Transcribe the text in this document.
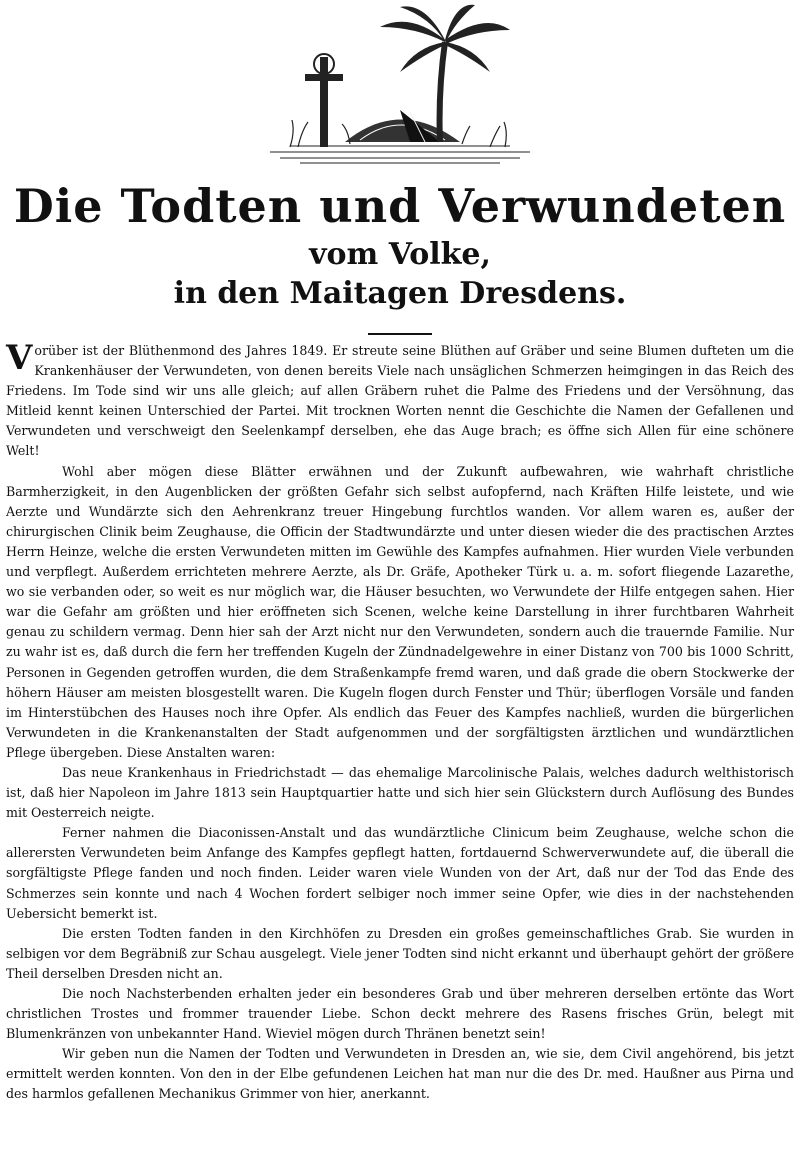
Die Todten und Verwundeten
vom Volke,
in den Maitagen Dresdens.

Vorüber ist der Blüthenmond des Jahres 1849. Er streute seine Blüthen auf Gräber und seine Blumen dufteten um die Krankenhäuser der Verwundeten, von denen bereits Viele nach unsäglichen Schmerzen heimgingen in das Reich des Friedens. Im Tode sind wir uns alle gleich; auf allen Gräbern ruhet die Palme des Friedens und der Versöhnung, das Mitleid kennt keinen Unterschied der Partei. Mit trocknen Worten nennt die Geschichte die Namen der Gefallenen und Verwundeten und verschweigt den Seelenkampf derselben, ehe das Auge brach; es öffne sich Allen für eine schönere Welt!

Wohl aber mögen diese Blätter erwähnen und der Zukunft aufbewahren, wie wahrhaft christliche Barmherzigkeit, in den Augenblicken der größten Gefahr sich selbst aufopfernd, nach Kräften Hilfe leistete, und wie Aerzte und Wundärzte sich den Aehrenkranz treuer Hingebung furchtlos wanden. Vor allem waren es, außer der chirurgischen Clinik beim Zeughause, die Officin der Stadtwundärzte und unter diesen wieder die des practischen Arztes Herrn Heinze, welche die ersten Verwundeten mitten im Gewühle des Kampfes aufnahmen. Hier wurden Viele verbunden und verpflegt. Außerdem errichteten mehrere Aerzte, als Dr. Gräfe, Apotheker Türk u. a. m. sofort fliegende Lazarethe, wo sie verbanden oder, so weit es nur möglich war, die Häuser besuchten, wo Verwundete der Hilfe entgegen sahen. Hier war die Gefahr am größten und hier eröffneten sich Scenen, welche keine Darstellung in ihrer furchtbaren Wahrheit genau zu schildern vermag. Denn hier sah der Arzt nicht nur den Verwundeten, sondern auch die trauernde Familie. Nur zu wahr ist es, daß durch die fern her treffenden Kugeln der Zündnadelgewehre in einer Distanz von 700 bis 1000 Schritt, Personen in Gegenden getroffen wurden, die dem Straßenkampfe fremd waren, und daß grade die obern Stockwerke der höhern Häuser am meisten blosgestellt waren. Die Kugeln flogen durch Fenster und Thür; überflogen Vorsäle und fanden im Hinterstübchen des Hauses noch ihre Opfer. Als endlich das Feuer des Kampfes nachließ, wurden die bürgerlichen Verwundeten in die Krankenanstalten der Stadt aufgenommen und der sorgfältigsten ärztlichen und wundärztlichen Pflege übergeben. Diese Anstalten waren:

Das neue Krankenhaus in Friedrichstadt — das ehemalige Marcolinische Palais, welches dadurch welthistorisch ist, daß hier Napoleon im Jahre 1813 sein Hauptquartier hatte und sich hier sein Glückstern durch Auflösung des Bundes mit Oesterreich neigte.

Ferner nahmen die Diaconissen-Anstalt und das wundärztliche Clinicum beim Zeughause, welche schon die allerersten Verwundeten beim Anfange des Kampfes gepflegt hatten, fortdauernd Schwerverwundete auf, die überall die sorgfältigste Pflege fanden und noch finden. Leider waren viele Wunden von der Art, daß nur der Tod das Ende des Schmerzes sein konnte und nach 4 Wochen fordert selbiger noch immer seine Opfer, wie dies in der nachstehenden Uebersicht bemerkt ist.

Die ersten Todten fanden in den Kirchhöfen zu Dresden ein großes gemeinschaftliches Grab. Sie wurden in selbigen vor dem Begräbniß zur Schau ausgelegt. Viele jener Todten sind nicht erkannt und überhaupt gehört der größere Theil derselben Dresden nicht an.

Die noch Nachsterbenden erhalten jeder ein besonderes Grab und über mehreren derselben ertönte das Wort christlichen Trostes und frommer trauender Liebe. Schon deckt mehrere des Rasens frisches Grün, belegt mit Blumenkränzen von unbekannter Hand. Wieviel mögen durch Thränen benetzt sein!

Wir geben nun die Namen der Todten und Verwundeten in Dresden an, wie sie, dem Civil angehörend, bis jetzt ermittelt werden konnten. Von den in der Elbe gefundenen Leichen hat man nur die des Dr. med. Haußner aus Pirna und des harmlos gefallenen Mechanikus Grimmer von hier, anerkannt.
